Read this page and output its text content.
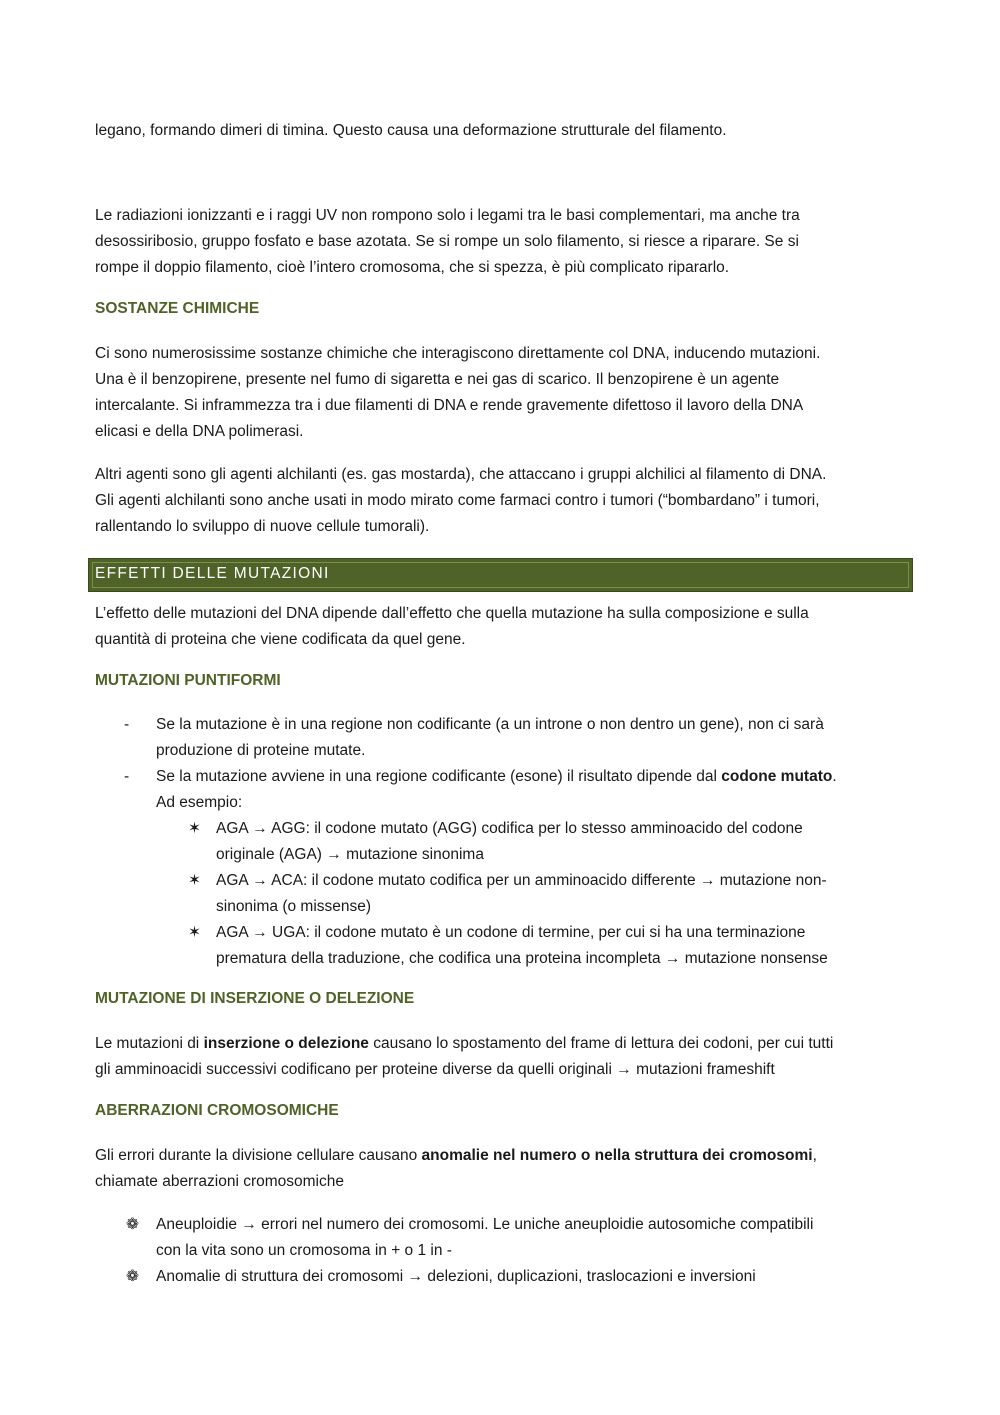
legano, formando dimeri di timina. Questo causa una deformazione strutturale del filamento.

Le radiazioni ionizzanti e i raggi UV non rompono solo i legami tra le basi complementari, ma anche tra
desossiribosio, gruppo fosfato e base azotata. Se si rompe un solo filamento, si riesce a riparare. Se si
rompe il doppio filamento, cioè l’intero cromosoma, che si spezza, è più complicato ripararlo.
SOSTANZE CHIMICHE
Ci sono numerosissime sostanze chimiche che interagiscono direttamente col DNA, inducendo mutazioni.
Una è il benzopirene, presente nel fumo di sigaretta e nei gas di scarico. Il benzopirene è un agente
intercalante. Si inframmezza tra i due filamenti di DNA e rende gravemente difettoso il lavoro della DNA
elicasi e della DNA polimerasi.
Altri agenti sono gli agenti alchilanti (es. gas mostarda), che attaccano i gruppi alchilici al filamento di DNA.
Gli agenti alchilanti sono anche usati in modo mirato come farmaci contro i tumori (“bombardano” i tumori,
rallentando lo sviluppo di nuove cellule tumorali).
EFFETTI DELLE MUTAZIONI
L’effetto delle mutazioni del DNA dipende dall’effetto che quella mutazione ha sulla composizione e sulla
quantità di proteina che viene codificata da quel gene.
MUTAZIONI PUNTIFORMI
- Se la mutazione è in una regione non codificante (a un introne o non dentro un gene), non ci sarà
produzione di proteine mutate.
- Se la mutazione avviene in una regione codificante (esone) il risultato dipende dal codone mutato.
Ad esempio:
✶ AGA → AGG: il codone mutato (AGG) codifica per lo stesso amminoacido del codone
originale (AGA) → mutazione sinonima
✶ AGA → ACA: il codone mutato codifica per un amminoacido differente → mutazione non-
sinonima (o missense)
✶ AGA → UGA: il codone mutato è un codone di termine, per cui si ha una terminazione
prematura della traduzione, che codifica una proteina incompleta → mutazione nonsense
MUTAZIONE DI INSERZIONE O DELEZIONE
Le mutazioni di inserzione o delezione causano lo spostamento del frame di lettura dei codoni, per cui tutti
gli amminoacidi successivi codificano per proteine diverse da quelli originali → mutazioni frameshift
ABERRAZIONI CROMOSOMICHE
Gli errori durante la divisione cellulare causano anomalie nel numero o nella struttura dei cromosomi,
chiamate aberrazioni cromosomiche
❁ Aneuploidie → errori nel numero dei cromosomi. Le uniche aneuploidie autosomiche compatibili
con la vita sono un cromosoma in + o 1 in -
❁ Anomalie di struttura dei cromosomi → delezioni, duplicazioni, traslocazioni e inversioni
